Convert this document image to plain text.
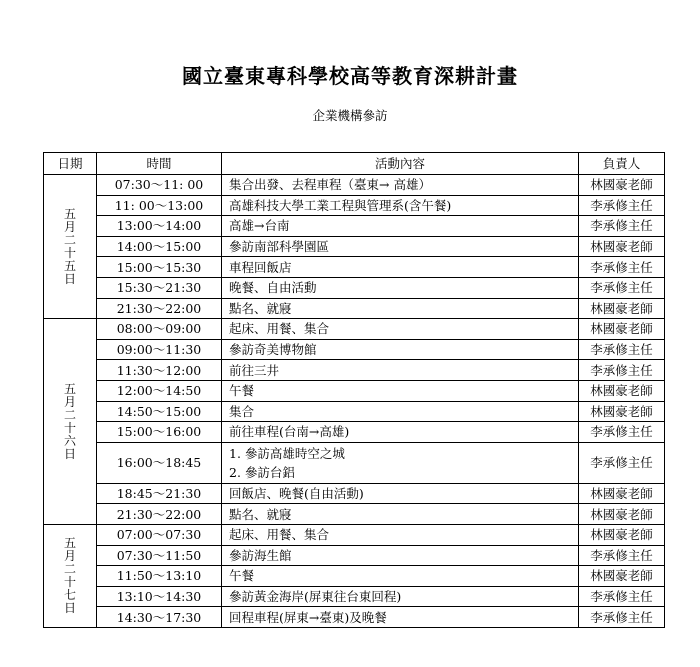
國立臺東專科學校高等教育深耕計畫
企業機構參訪
日期	時間	活動內容	負責人

五月二十五日	07:30～11: 00	集合出發、去程車程（臺東→ 高雄）	林國豪老師
	11: 00～13:00	高雄科技大學工業工程與管理系(含午餐)	李承修主任
	13:00～14:00	高雄→台南	李承修主任
	14:00～15:00	參訪南部科學園區	林國豪老師
	15:00～15:30	車程回飯店	李承修主任
	15:30～21:30	晚餐、自由活動	李承修主任
	21:30～22:00	點名、就寢	林國豪老師

五月二十六日	08:00～09:00	起床、用餐、集合	林國豪老師
	09:00～11:30	參訪奇美博物館	李承修主任
	11:30～12:00	前往三井	李承修主任
	12:00～14:50	午餐	林國豪老師
	14:50～15:00	集合	林國豪老師
	15:00～16:00	前往車程(台南→高雄)	李承修主任
	16:00～18:45	1. 參訪高雄時空之城
2. 參訪台鋁	李承修主任
	18:45～21:30	回飯店、晚餐(自由活動)	林國豪老師
	21:30～22:00	點名、就寢	林國豪老師

五月二十七日	07:00～07:30	起床、用餐、集合	林國豪老師
	07:30～11:50	參訪海生館	李承修主任
	11:50～13:10	午餐	林國豪老師
	13:10～14:30	參訪黃金海岸(屏東往台東回程)	李承修主任
	14:30～17:30	回程車程(屏東→臺東)及晚餐	李承修主任
